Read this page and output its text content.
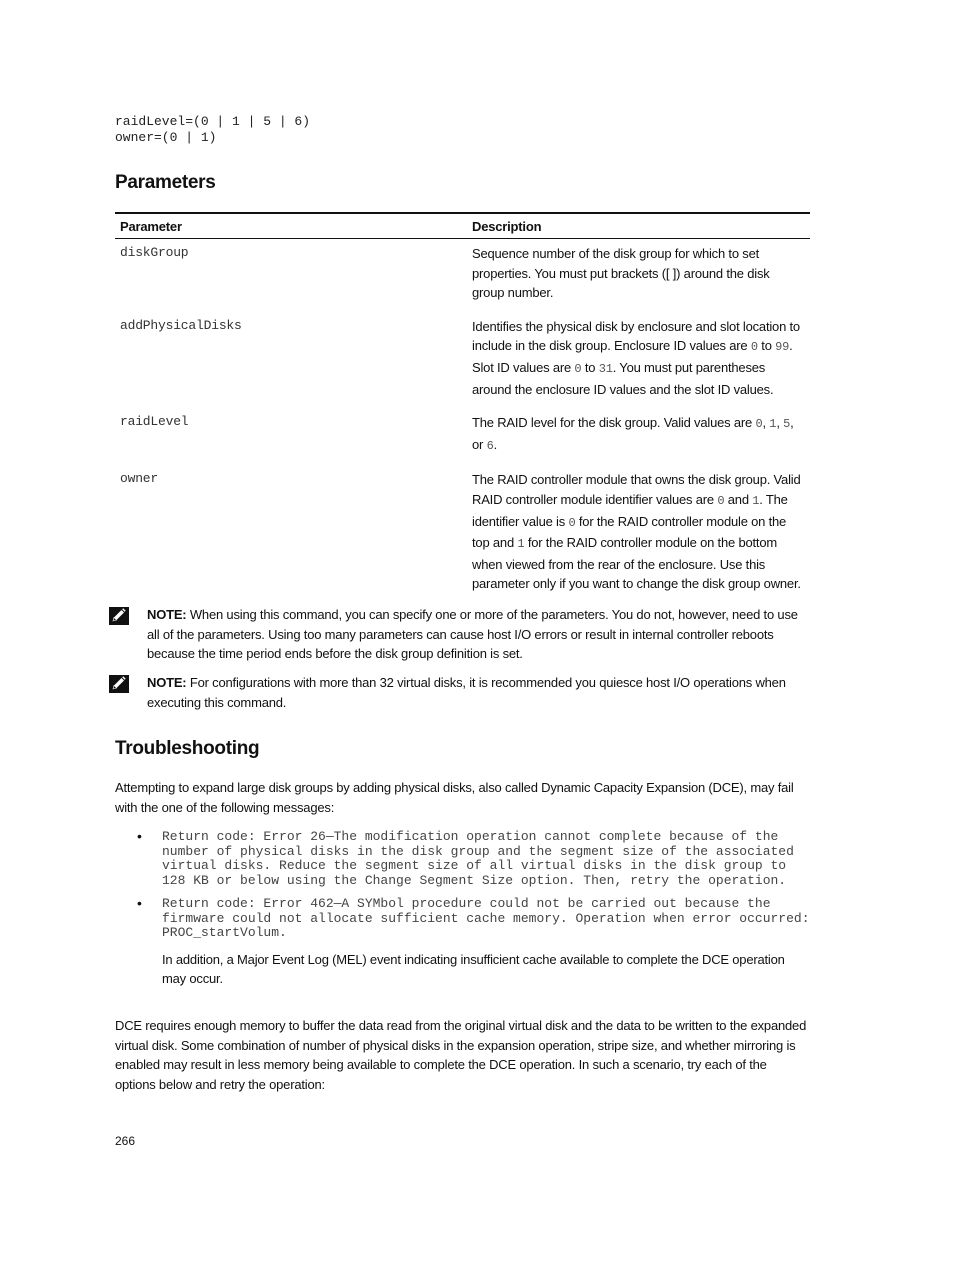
raidLevel=(0 | 1 | 5 | 6)
owner=(0 | 1)
Parameters
Parameter	Description
diskGroup	Sequence number of the disk group for which to set properties. You must put brackets ([ ]) around the disk group number.
addPhysicalDisks	Identifies the physical disk by enclosure and slot location to include in the disk group. Enclosure ID values are 0 to 99. Slot ID values are 0 to 31. You must put parentheses around the enclosure ID values and the slot ID values.
raidLevel	The RAID level for the disk group. Valid values are 0, 1, 5, or 6.
owner	The RAID controller module that owns the disk group. Valid RAID controller module identifier values are 0 and 1. The identifier value is 0 for the RAID controller module on the top and 1 for the RAID controller module on the bottom when viewed from the rear of the enclosure. Use this parameter only if you want to change the disk group owner.
NOTE: When using this command, you can specify one or more of the parameters. You do not, however, need to use all of the parameters. Using too many parameters can cause host I/O errors or result in internal controller reboots because the time period ends before the disk group definition is set.
NOTE: For configurations with more than 32 virtual disks, it is recommended you quiesce host I/O operations when executing this command.
Troubleshooting

Attempting to expand large disk groups by adding physical disks, also called Dynamic Capacity Expansion (DCE), may fail with the one of the following messages:

• Return code: Error 26—The modification operation cannot complete because of the number of physical disks in the disk group and the segment size of the associated virtual disks. Reduce the segment size of all virtual disks in the disk group to 128 KB or below using the Change Segment Size option. Then, retry the operation.
• Return code: Error 462—A SYMbol procedure could not be carried out because the firmware could not allocate sufficient cache memory. Operation when error occurred: PROC_startVolum.
In addition, a Major Event Log (MEL) event indicating insufficient cache available to complete the DCE operation may occur.

DCE requires enough memory to buffer the data read from the original virtual disk and the data to be written to the expanded virtual disk. Some combination of number of physical disks in the expansion operation, stripe size, and whether mirroring is enabled may result in less memory being available to complete the DCE operation. In such a scenario, try each of the options below and retry the operation:

266
